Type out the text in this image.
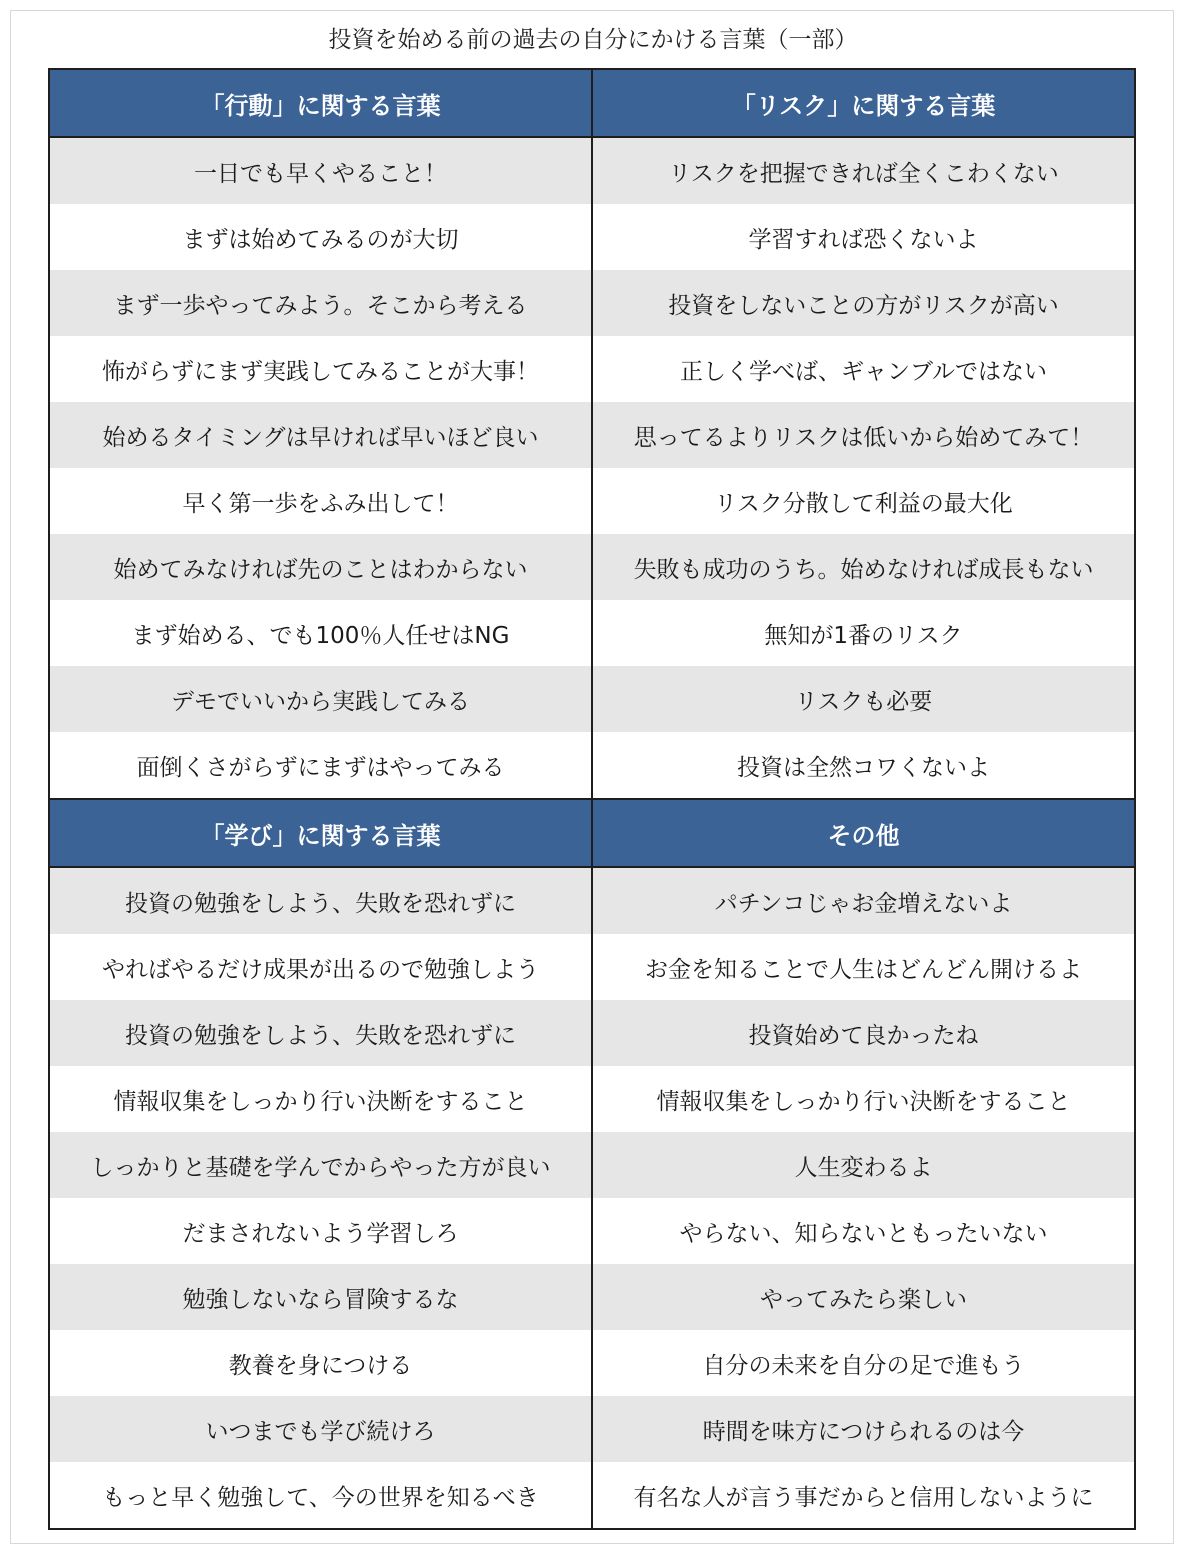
投資を始める前の過去の自分にかける言葉（一部）
「行動」に関する言葉	「リスク」に関する言葉
一日でも早くやること！	リスクを把握できれば全くこわくない
まずは始めてみるのが大切	学習すれば恐くないよ
まず一歩やってみよう。そこから考える	投資をしないことの方がリスクが高い
怖がらずにまず実践してみることが大事！	正しく学べば、ギャンブルではない
始めるタイミングは早ければ早いほど良い	思ってるよりリスクは低いから始めてみて！
早く第一歩をふみ出して！	リスク分散して利益の最大化
始めてみなければ先のことはわからない	失敗も成功のうち。始めなければ成長もない
まず始める、でも100％人任せはNG	無知が1番のリスク
デモでいいから実践してみる	リスクも必要
面倒くさがらずにまずはやってみる	投資は全然コワくないよ
「学び」に関する言葉	その他
投資の勉強をしよう、失敗を恐れずに	パチンコじゃお金増えないよ
やればやるだけ成果が出るので勉強しよう	お金を知ることで人生はどんどん開けるよ
投資の勉強をしよう、失敗を恐れずに	投資始めて良かったね
情報収集をしっかり行い決断をすること	情報収集をしっかり行い決断をすること
しっかりと基礎を学んでからやった方が良い	人生変わるよ
だまされないよう学習しろ	やらない、知らないともったいない
勉強しないなら冒険するな	やってみたら楽しい
教養を身につける	自分の未来を自分の足で進もう
いつまでも学び続けろ	時間を味方につけられるのは今
もっと早く勉強して、今の世界を知るべき	有名な人が言う事だからと信用しないように
